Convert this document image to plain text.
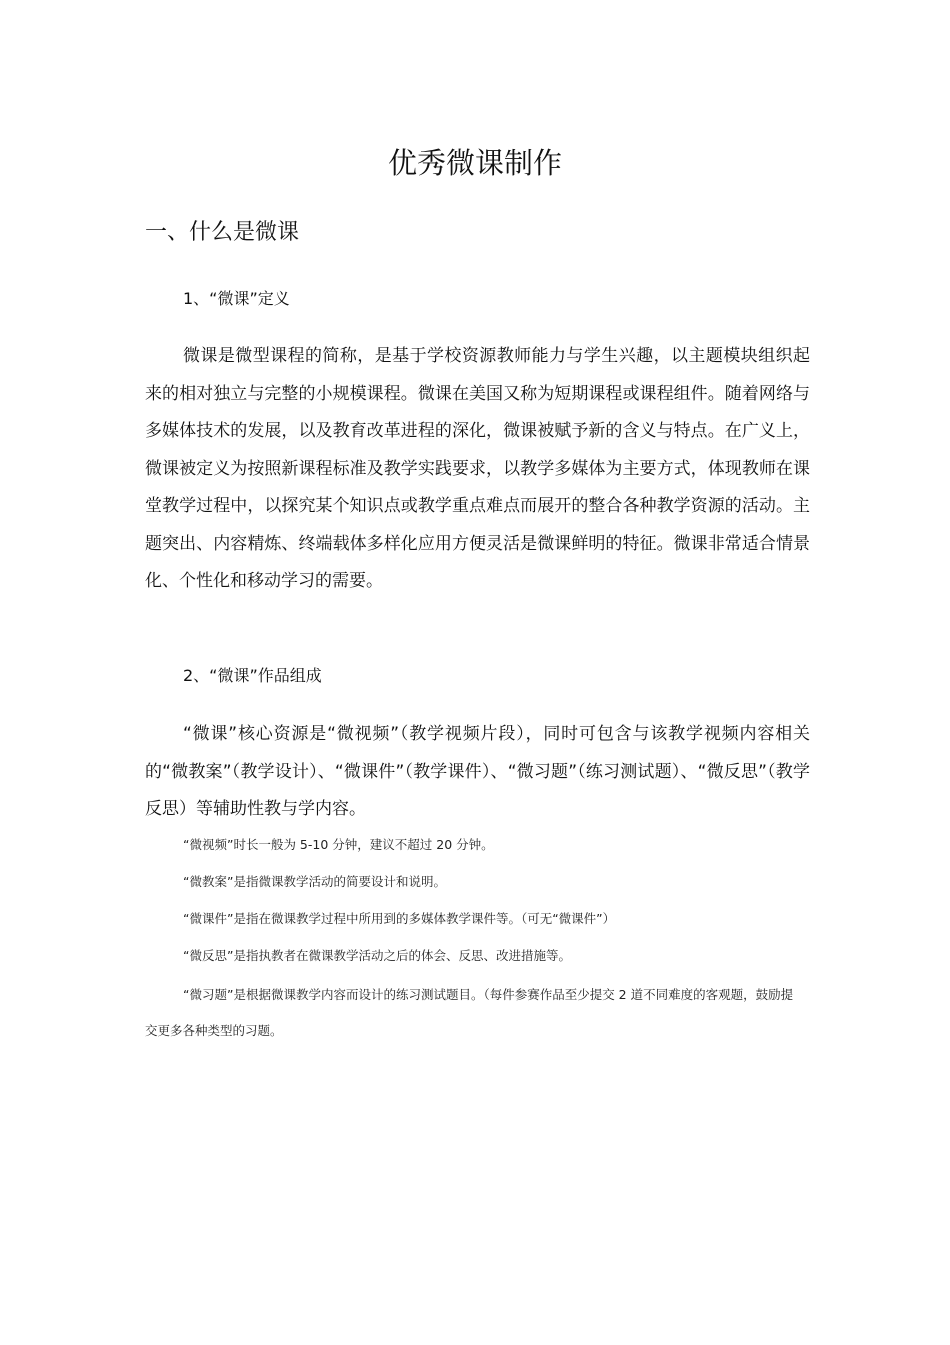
优秀微课制作
一、什么是微课
1、“微课”定义

微课是微型课程的简称，是基于学校资源教师能力与学生兴趣，以主题模块组织起来的相对独立与完整的小规模课程。微课在美国又称为短期课程或课程组件。随着网络与多媒体技术的发展，以及教育改革进程的深化，微课被赋予新的含义与特点。在广义上，微课被定义为按照新课程标准及教学实践要求，以教学多媒体为主要方式，体现教师在课堂教学过程中，以探究某个知识点或教学重点难点而展开的整合各种教学资源的活动。主题突出、内容精炼、终端载体多样化应用方便灵活是微课鲜明的特征。微课非常适合情景化、个性化和移动学习的需要。

2、“微课”作品组成

“微课”核心资源是“微视频”（教学视频片段），同时可包含与该教学视频内容相关的“微教案”（教学设计）、“微课件”（教学课件）、“微习题”（练习测试题）、“微反思”（教学反思）等辅助性教与学内容。

“微视频”时长一般为 5-10 分钟，建议不超过 20 分钟。
“微教案”是指微课教学活动的简要设计和说明。
“微课件”是指在微课教学过程中所用到的多媒体教学课件等。（可无“微课件”）
“微反思”是指执教者在微课教学活动之后的体会、反思、改进措施等。

“微习题”是根据微课教学内容而设计的练习测试题目。（每件参赛作品至少提交 2 道不同难度的客观题，鼓励提交更多各种类型的习题。
